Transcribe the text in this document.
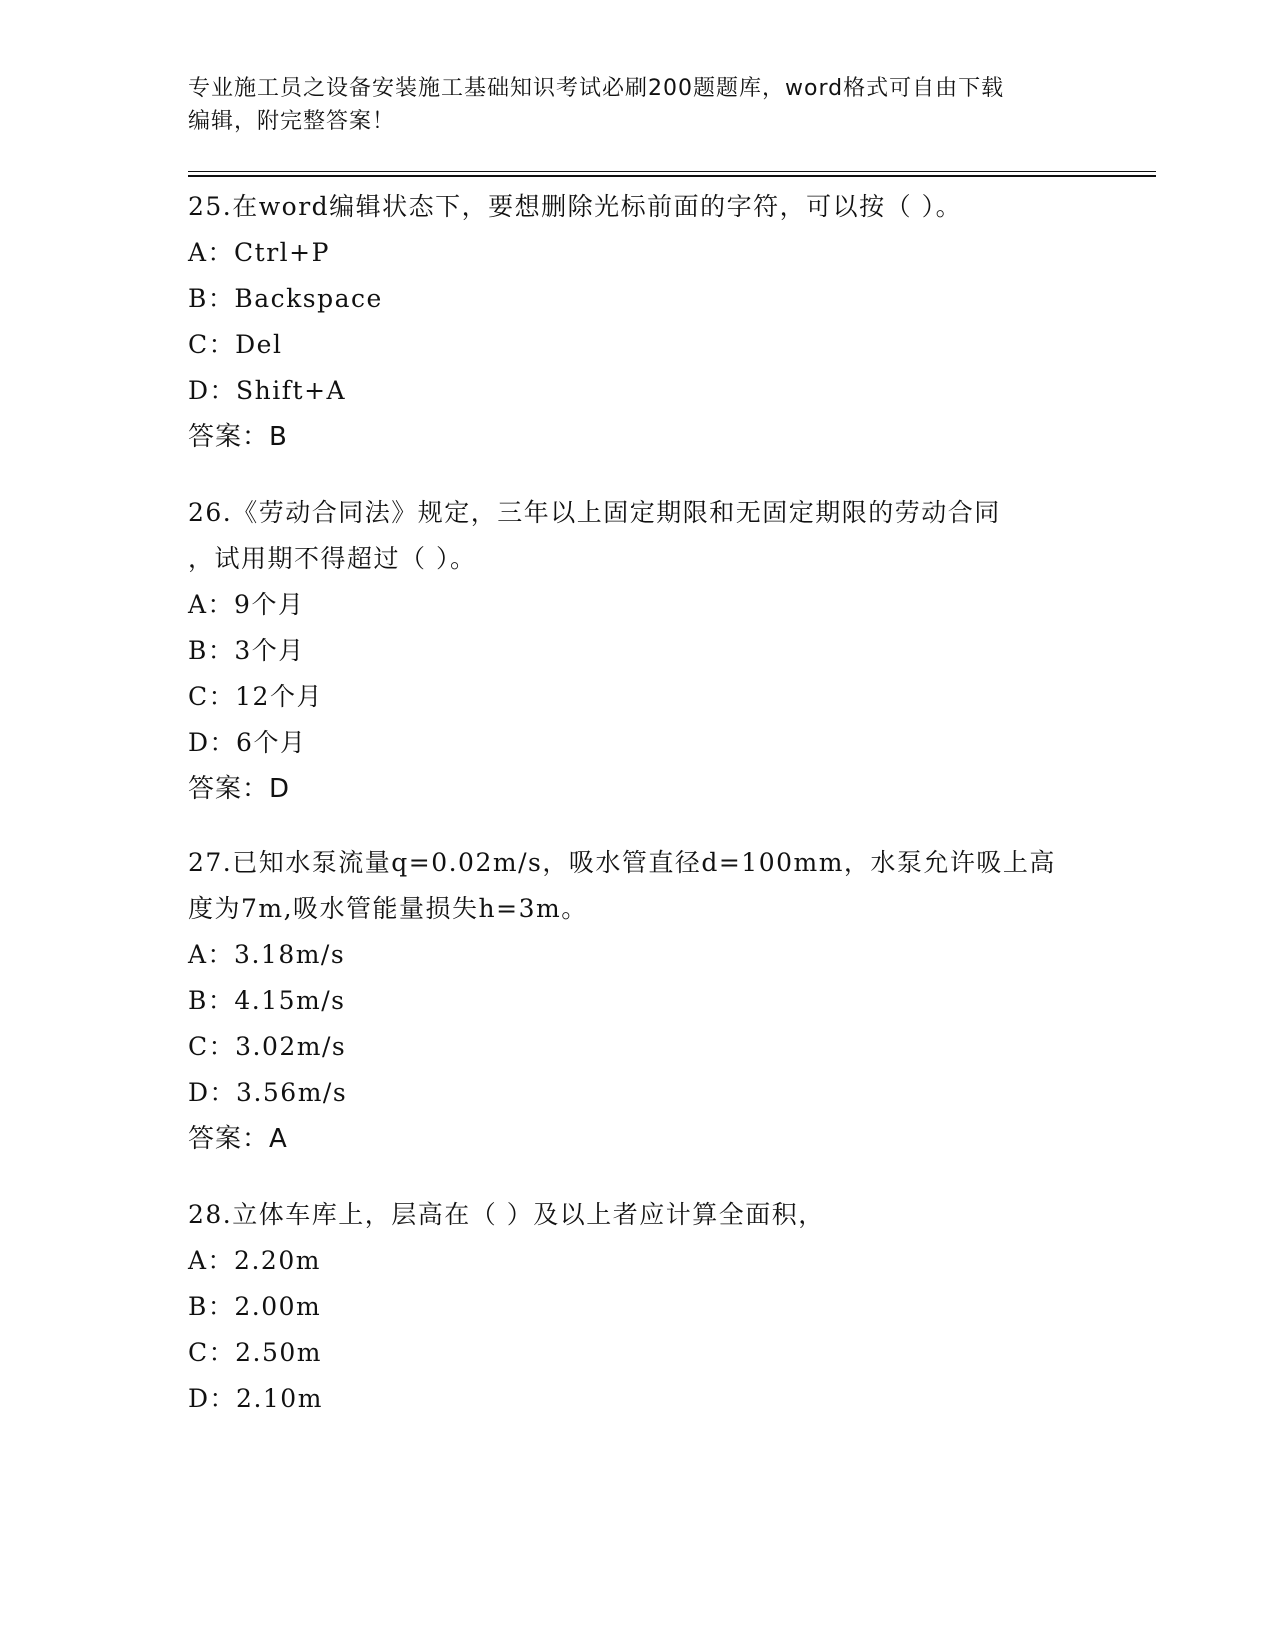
专业施工员之设备安装施工基础知识考试必刷200题题库，word格式可自由下载
编辑，附完整答案！
25.在word编辑状态下，要想删除光标前面的字符，可以按（ ）。
A：Ctrl+P
B：Backspace
C：Del
D：Shift+A
答案：B
26.《劳动合同法》规定，三年以上固定期限和无固定期限的劳动合同
，试用期不得超过（ ）。
A：9个月
B：3个月
C：12个月
D：6个月
答案：D
27.已知水泵流量q=0.02m/s，吸水管直径d=100mm，水泵允许吸上高
度为7m,吸水管能量损失h=3m。
A：3.18m/s
B：4.15m/s
C：3.02m/s
D：3.56m/s
答案：A
28.立体车库上，层高在（ ）及以上者应计算全面积，
A：2.20m
B：2.00m
C：2.50m
D：2.10m
